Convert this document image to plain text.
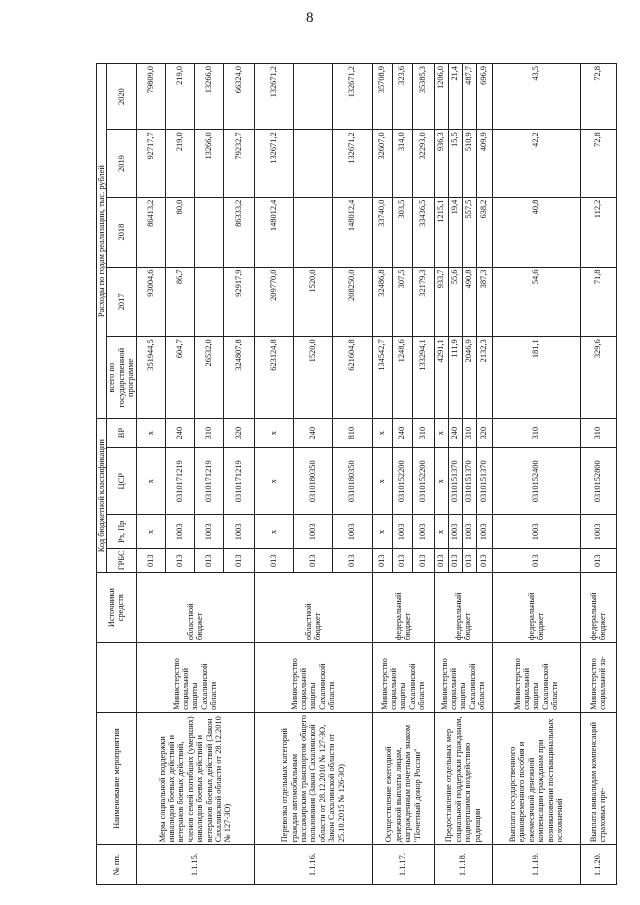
8
№ пп.	Наименование мероприятия		Источники средств	Код бюджетной классификации				Расходы по годам реализации, тыс. рублей				
				ГРБС	Рз, Пр	ЦСР	ВР	всего по государственной программе	2017	2018	2019	2020
1.1.15.	Меры социальной поддержки инвалидов боевых действий и ветеранов боевых действий, членов семей погибших (умерших) инвалидов боевых действий и ветеранов боевых действий (Закон Сахалинской области от 28.12.2010 № 127-ЗО)	Министерство социальной защиты Сахалинской области	областной бюджет	013	x	x	x	351944,5	93004,6	86413,2	92717,7	79809,0
				013	1003	0310171219	240	604,7	86,7	80,0	219,0	219,0
				013	1003	0310171219	310	26532,0			13266,0	13266,0
				013	1003	0310171219	320	324807,8	92917,9	86333,2	79232,7	66324,0
1.1.16.	Перевозка отдельных категорий граждан автомобильным пассажирским транспортом общего пользования (Закон Сахалинской области от 28.12.2010 № 127-ЗО, Закон Сахалинской области от 25.10.2015 № 126-ЗО)	Министерство социальной защиты Сахалинской области	областной бюджет	013	x	x	x	623124,8	209770,0	148012,4	132671,2	132671,2
				013	1003	0310180350	240	1520,0	1520,0			
				013	1003	0310180350	810	621604,8	208250,0	148012,4	132671,2	132671,2
1.1.17.	Осуществление ежегодной денежной выплаты лицам, награжденным почетным знаком "Почетный донор России"	Министерство социальной защиты Сахалинской области	федеральный бюджет	013	x	x	x	134542,7	32486,8	33740,0	32607,0	35708,9
				013	1003	0310152200	240	1248,6	307,5	303,5	314,0	323,6
				013	1003	0310152200	310	133294,1	32179,3	33436,5	32293,0	35385,3
1.1.18.	Предоставление отдельных мер социальной поддержки гражданам, подвергшимся воздействию радиации	Министерство социальной защиты Сахалинской области	федеральный бюджет	013	x	x	x	4291,1	933,7	1215,1	936,3	1206,0
				013	1003	0310151370	240	111,9	55,6	19,4	15,5	21,4
				013	1003	0310151370	310	2046,9	490,8	557,5	510,9	487,7
				013	1003	0310151370	320	2132,3	387,3	638,2	409,9	696,9
1.1.19.	Выплата государственного единовременного пособия и ежемесячной денежной компенсации гражданам при возникновении поствакцинальных осложнений	Министерство социальной защиты Сахалинской области	федеральный бюджет	013	1003	0310152400	310	181,1	54,6	40,8	42,2	43,5
1.1.20.	Выплата инвалидам компенсаций страховых пре-	Министерство социальной за-	федеральный бюджет	013	1003	0310152800	310	329,6	71,8	112,2	72,8	72,8
